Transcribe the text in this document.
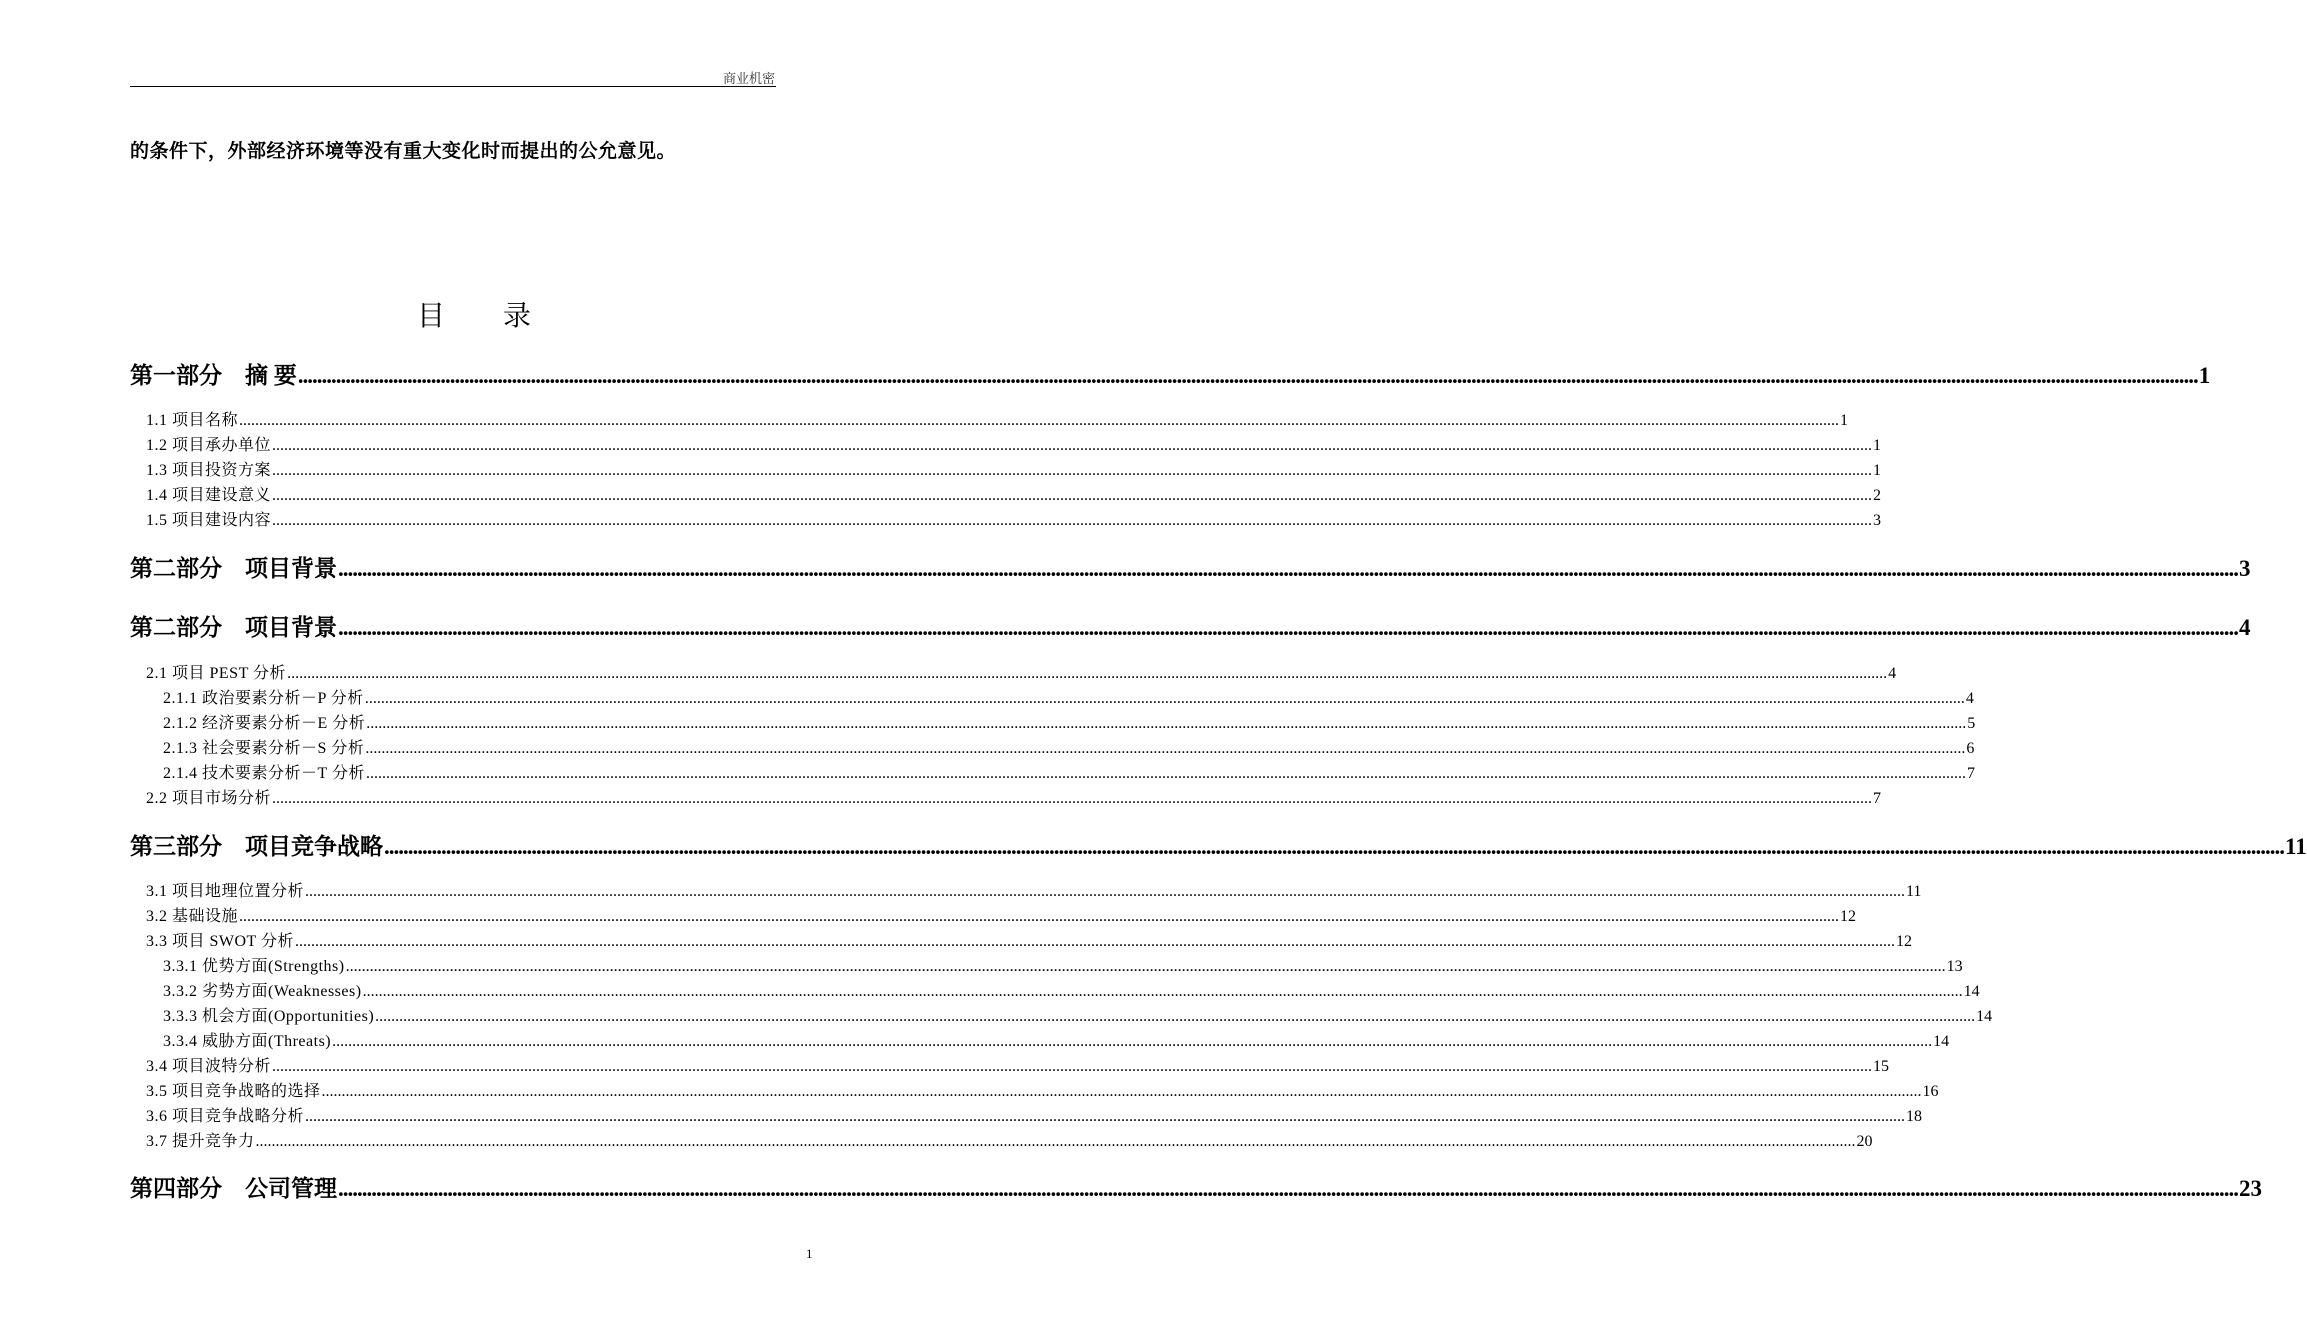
商业机密
的条件下，外部经济环境等没有重大变化时而提出的公允意见。
目 录
第一部分　摘 要 ................................................................................................................................................................................................................................................................................................................................................................................................................ 1
1.1 项目名称 ................................................................................................................................................................................................................................................................................................................................................................................................................ 1
1.2 项目承办单位 ................................................................................................................................................................................................................................................................................................................................................................................................................ 1
1.3 项目投资方案 ................................................................................................................................................................................................................................................................................................................................................................................................................ 1
1.4 项目建设意义 ................................................................................................................................................................................................................................................................................................................................................................................................................ 2
1.5 项目建设内容 ................................................................................................................................................................................................................................................................................................................................................................................................................ 3
第二部分　项目背景 ................................................................................................................................................................................................................................................................................................................................................................................................................ 3
第二部分　项目背景 ................................................................................................................................................................................................................................................................................................................................................................................................................ 4
2.1 项目 PEST 分析 ................................................................................................................................................................................................................................................................................................................................................................................................................ 4
2.1.1 政治要素分析－P 分析 ................................................................................................................................................................................................................................................................................................................................................................................................................ 4
2.1.2 经济要素分析－E 分析 ................................................................................................................................................................................................................................................................................................................................................................................................................ 5
2.1.3 社会要素分析－S 分析 ................................................................................................................................................................................................................................................................................................................................................................................................................ 6
2.1.4 技术要素分析－T 分析 ................................................................................................................................................................................................................................................................................................................................................................................................................ 7
2.2 项目市场分析 ................................................................................................................................................................................................................................................................................................................................................................................................................ 7
第三部分　项目竞争战略 ................................................................................................................................................................................................................................................................................................................................................................................................................ 11
3.1 项目地理位置分析 ................................................................................................................................................................................................................................................................................................................................................................................................................ 11
3.2 基础设施 ................................................................................................................................................................................................................................................................................................................................................................................................................ 12
3.3 项目 SWOT 分析 ................................................................................................................................................................................................................................................................................................................................................................................................................ 12
3.3.1 优势方面(Strengths) ................................................................................................................................................................................................................................................................................................................................................................................................................ 13
3.3.2 劣势方面(Weaknesses) ................................................................................................................................................................................................................................................................................................................................................................................................................ 14
3.3.3 机会方面(Opportunities) ................................................................................................................................................................................................................................................................................................................................................................................................................ 14
3.3.4 威胁方面(Threats) ................................................................................................................................................................................................................................................................................................................................................................................................................ 14
3.4 项目波特分析 ................................................................................................................................................................................................................................................................................................................................................................................................................ 15
3.5 项目竞争战略的选择 ................................................................................................................................................................................................................................................................................................................................................................................................................ 16
3.6 项目竞争战略分析 ................................................................................................................................................................................................................................................................................................................................................................................................................ 18
3.7 提升竞争力 ................................................................................................................................................................................................................................................................................................................................................................................................................ 20
第四部分　公司管理 ................................................................................................................................................................................................................................................................................................................................................................................................................ 23
1
